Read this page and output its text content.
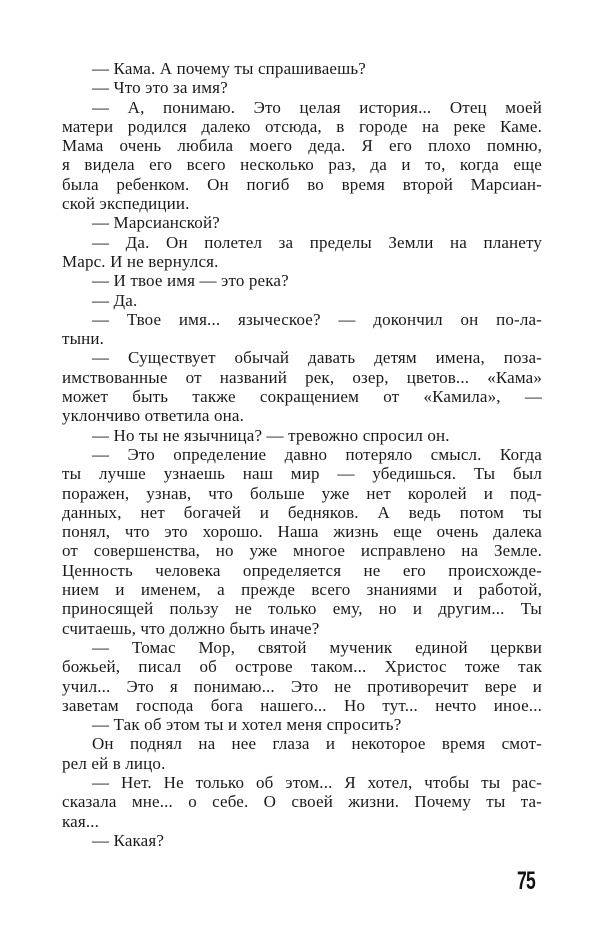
— Кама. А почему ты спрашиваешь?
— Что это за имя?
— А, понимаю. Это целая история... Отец моей
матери родился далеко отсюда, в городе на реке Каме.
Мама очень любила моего деда. Я его плохо помню,
я видела его всего несколько раз, да и то, когда еще
была ребенком. Он погиб во время второй Марсиан-
ской экспедиции.
— Марсианской?
— Да. Он полетел за пределы Земли на планету
Марс. И не вернулся.
— И твое имя — это река?
— Да.
— Твое имя... языческое? — докончил он по-ла-
тыни.
— Существует обычай давать детям имена, поза-
имствованные от названий рек, озер, цветов... «Кама»
может быть также сокращением от «Камила», —
уклончиво ответила она.
— Но ты не язычница? — тревожно спросил он.
— Это определение давно потеряло смысл. Когда
ты лучше узнаешь наш мир — убедишься. Ты был
поражен, узнав, что больше уже нет королей и под-
данных, нет богачей и бедняков. А ведь потом ты
понял, что это хорошо. Наша жизнь еще очень далека
от совершенства, но уже многое исправлено на Земле.
Ценность человека определяется не его происхожде-
нием и именем, а прежде всего знаниями и работой,
приносящей пользу не только ему, но и другим... Ты
считаешь, что должно быть иначе?
— Томас Мор, святой мученик единой церкви
божьей, писал об острове таком... Христос тоже так
учил... Это я понимаю... Это не противоречит вере и
заветам господа бога нашего... Но тут... нечто иное...
— Так об этом ты и хотел меня спросить?
Он поднял на нее глаза и некоторое время смот-
рел ей в лицо.
— Нет. Не только об этом... Я хотел, чтобы ты рас-
сказала мне... о себе. О своей жизни. Почему ты та-
кая...
— Какая?
75
